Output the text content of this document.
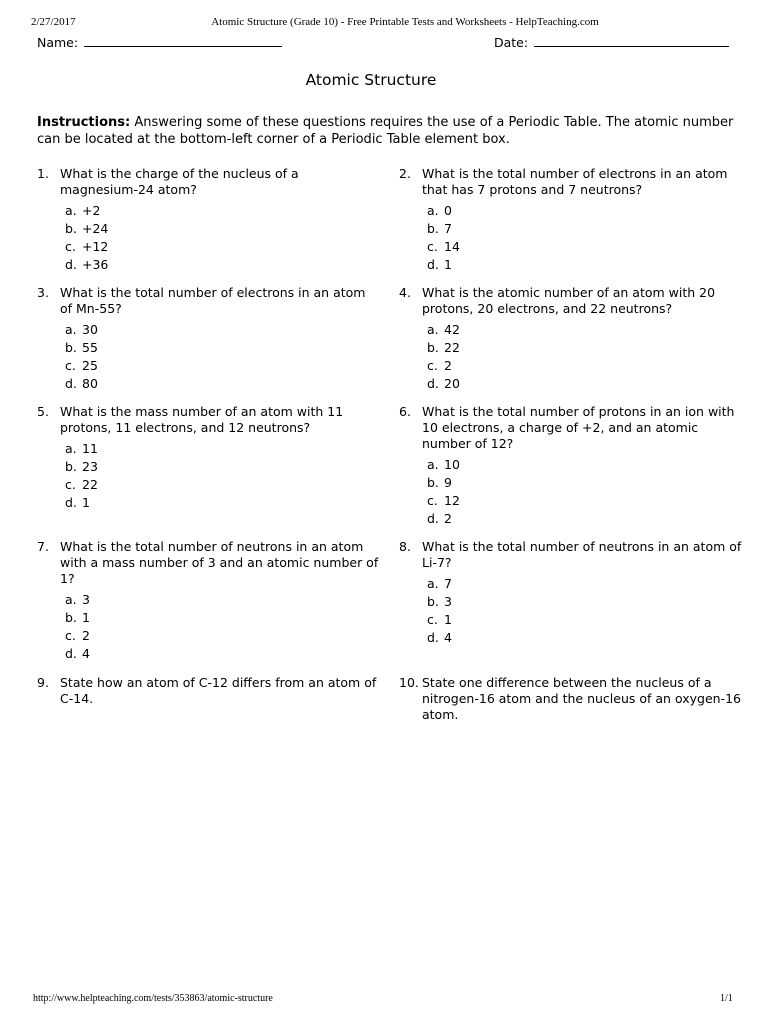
2/27/2017	Atomic Structure (Grade 10) - Free Printable Tests and Worksheets - HelpTeaching.com
Name:	Date:
Atomic Structure
Instructions: Answering some of these questions requires the use of a Periodic Table. The atomic number can be located at the bottom-left corner of a Periodic Table element box.
1. What is the charge of the nucleus of a magnesium-24 atom?
a. +2
b. +24
c. +12
d. +36
2. What is the total number of electrons in an atom that has 7 protons and 7 neutrons?
a. 0
b. 7
c. 14
d. 1
3. What is the total number of electrons in an atom of Mn-55?
a. 30
b. 55
c. 25
d. 80
4. What is the atomic number of an atom with 20 protons, 20 electrons, and 22 neutrons?
a. 42
b. 22
c. 2
d. 20
5. What is the mass number of an atom with 11 protons, 11 electrons, and 12 neutrons?
a. 11
b. 23
c. 22
d. 1
6. What is the total number of protons in an ion with 10 electrons, a charge of +2, and an atomic number of 12?
a. 10
b. 9
c. 12
d. 2
7. What is the total number of neutrons in an atom with a mass number of 3 and an atomic number of 1?
a. 3
b. 1
c. 2
d. 4
8. What is the total number of neutrons in an atom of Li-7?
a. 7
b. 3
c. 1
d. 4
9. State how an atom of C-12 differs from an atom of C-14.
10. State one difference between the nucleus of a nitrogen-16 atom and the nucleus of an oxygen-16 atom.
http://www.helpteaching.com/tests/353863/atomic-structure	1/1
